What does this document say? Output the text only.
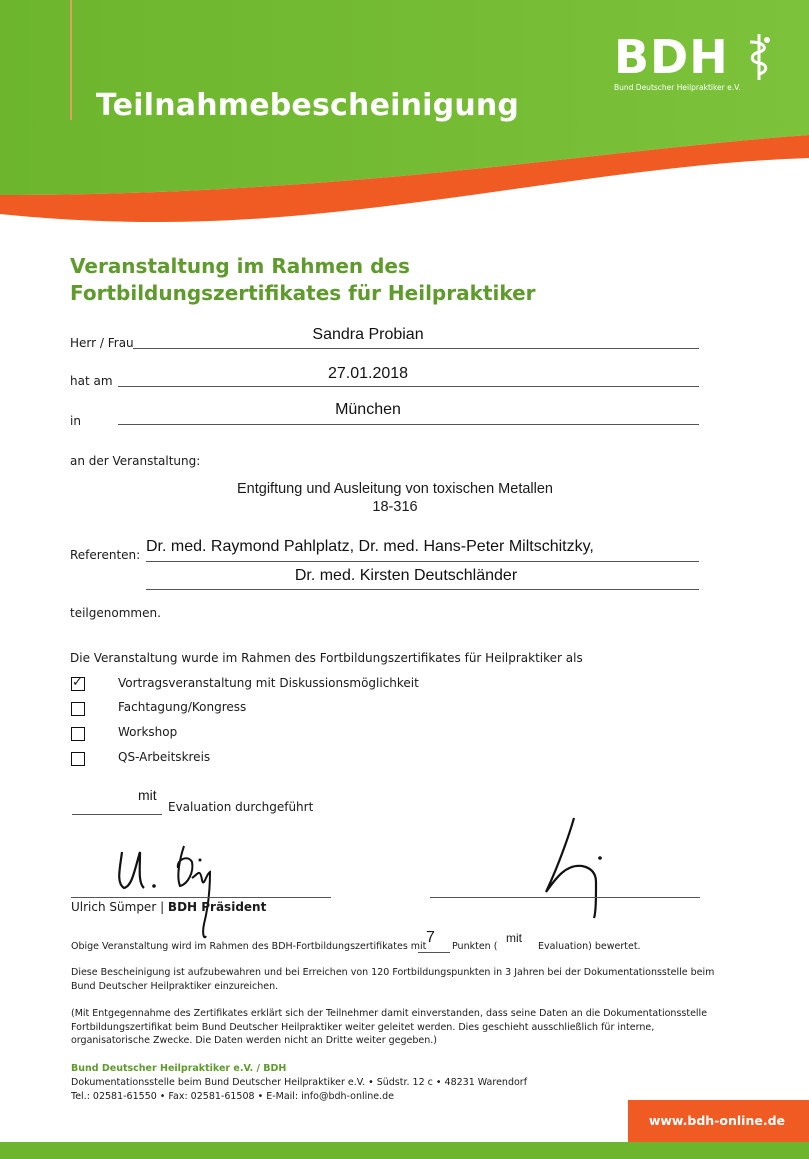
Teilnahmebescheinigung
BDH
Bund Deutscher Heilpraktiker e.V.
Veranstaltung im Rahmen des
Fortbildungszertifikates für Heilpraktiker
Herr / Frau	Sandra Probian
hat am	27.01.2018
in
München
an der Veranstaltung:
Entgiftung und Ausleitung von toxischen Metallen
18-316
Referenten: Dr. med. Raymond Pahlplatz, Dr. med. Hans-Peter Miltschitzky,
Dr. med. Kirsten Deutschländer
teilgenommen.
Die Veranstaltung wurde im Rahmen des Fortbildungszertifikates für Heilpraktiker als
✓	Vortragsveranstaltung mit Diskussionsmöglichkeit
Fachtagung/Kongress
Workshop
QS-Arbeitskreis
mit
Evaluation durchgeführt
Ulrich Sümper | BDH Präsident
Obige Veranstaltung wird im Rahmen des BDH-Fortbildungszertifikates mit
7
Punkten (
mit
Evaluation) bewertet.
Diese Bescheinigung ist aufzubewahren und bei Erreichen von 120 Fortbildungspunkten in 3 Jahren bei der Dokumentationsstelle beim Bund Deutscher Heilpraktiker einzureichen.
(Mit Entgegennahme des Zertifikates erklärt sich der Teilnehmer damit einverstanden, dass seine Daten an die Dokumentationsstelle Fortbildungszertifikat beim Bund Deutscher Heilpraktiker weiter geleitet werden. Dies geschieht ausschließlich für interne, organisatorische Zwecke. Die Daten werden nicht an Dritte weiter gegeben.)
Bund Deutscher Heilpraktiker e.V. / BDH
Dokumentationsstelle beim Bund Deutscher Heilpraktiker e.V. • Südstr. 12 c • 48231 Warendorf
Tel.: 02581-61550 • Fax: 02581-61508 • E-Mail: info@bdh-online.de
www.bdh-online.de
